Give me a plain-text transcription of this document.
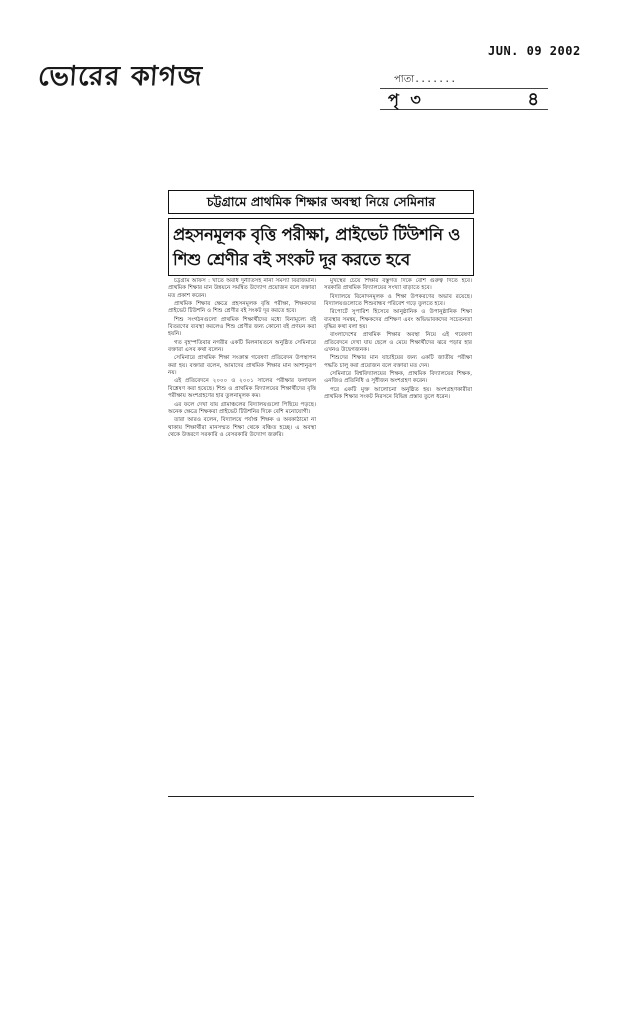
ভোরের কাগজ
JUN. 09 2002
পাতা.......
পৃ ৩	৪
চট্টগ্রামে প্রাথমিক শিক্ষার অবস্থা নিয়ে সেমিনার
প্রহসনমূলক বৃত্তি পরীক্ষা, প্রাইভেট টিউশনি ও শিশু শ্রেণীর বই সংকট দূর করতে হবে

চট্টগ্রাম অফিস : খাতে অবাধ দুর্নীতিসহ নানা সমস্যা বিরাজমান। প্রাথমিক শিক্ষার মান উন্নয়নে সমন্বিত উদ্যোগ প্রয়োজন বলে বক্তারা মত প্রকাশ করেন।

প্রাথমিক শিক্ষার ক্ষেত্রে প্রহসনমূলক বৃত্তি পরীক্ষা, শিক্ষকদের প্রাইভেট টিউশনি ও শিশু শ্রেণীর বই সংকট দূর করতে হবে।

শিশু সংগঠনগুলো প্রাথমিক শিক্ষার্থীদের মধ্যে বিনামূল্যে বই বিতরণের ব্যবস্থা করলেও শিশু শ্রেণীর জন্য কোনো বই প্রণয়ন করা হয়নি।

গত বৃহস্পতিবার নগরীর একটি মিলনায়তনে অনুষ্ঠিত সেমিনারে বক্তারা এসব কথা বলেন।

সেমিনারে প্রাথমিক শিক্ষা সংক্রান্ত গবেষণা প্রতিবেদন উপস্থাপন করা হয়। বক্তারা বলেন, আমাদের প্রাথমিক শিক্ষার মান আশানুরূপ নয়।

এই প্রতিবেদনে ২০০০ ও ২০০১ সালের পরীক্ষার ফলাফল বিশ্লেষণ করা হয়েছে। শিশু ও প্রাথমিক বিদ্যালয়ের শিক্ষার্থীদের বৃত্তি পরীক্ষায় অংশগ্রহণের হার তুলনামূলক কম।

এর ফলে দেখা যায় গ্রামাঞ্চলের বিদ্যালয়গুলো পিছিয়ে পড়ছে। অনেক ক্ষেত্রে শিক্ষকরা প্রাইভেট টিউশনির দিকে বেশি মনোযোগী।

তারা আরও বলেন, বিদ্যালয়ে পর্যাপ্ত শিক্ষক ও অবকাঠামো না থাকায় শিক্ষার্থীরা মানসম্মত শিক্ষা থেকে বঞ্চিত হচ্ছে। এ অবস্থা থেকে উত্তরণে সরকারি ও বেসরকারি উদ্যোগ জরুরি।

মুখস্থের চেয়ে শিক্ষার বস্তুগত দিকে বেশি গুরুত্ব দিতে হবে। সরকারি প্রাথমিক বিদ্যালয়ের সংখ্যা বাড়াতে হবে।

বিদ্যালয়ে বিনোদনমূলক ও শিক্ষা উপকরণের অভাব রয়েছে। বিদ্যালয়গুলোতে শিশুবান্ধব পরিবেশ গড়ে তুলতে হবে।

রিপোর্টে সুপারিশ হিসেবে আনুষ্ঠানিক ও উপানুষ্ঠানিক শিক্ষা ব্যবস্থার সমন্বয়, শিক্ষকদের প্রশিক্ষণ এবং অভিভাবকদের সচেতনতা বৃদ্ধির কথা বলা হয়।

বাংলাদেশের প্রাথমিক শিক্ষার অবস্থা নিয়ে এই গবেষণা প্রতিবেদনে দেখা যায় ছেলে ও মেয়ে শিক্ষার্থীদের ঝরে পড়ার হার এখনও উদ্বেগজনক।

শিশুদের শিক্ষার মান যাচাইয়ের জন্য একটি জাতীয় পরীক্ষা পদ্ধতি চালু করা প্রয়োজন বলে বক্তারা মত দেন।

সেমিনারে বিশ্ববিদ্যালয়ের শিক্ষক, প্রাথমিক বিদ্যালয়ের শিক্ষক, এনজিও প্রতিনিধি ও সুধীজন অংশগ্রহণ করেন।

পরে একটি মুক্ত আলোচনা অনুষ্ঠিত হয়। অংশগ্রহণকারীরা প্রাথমিক শিক্ষার সংকট নিরসনে বিভিন্ন প্রস্তাব তুলে ধরেন।
